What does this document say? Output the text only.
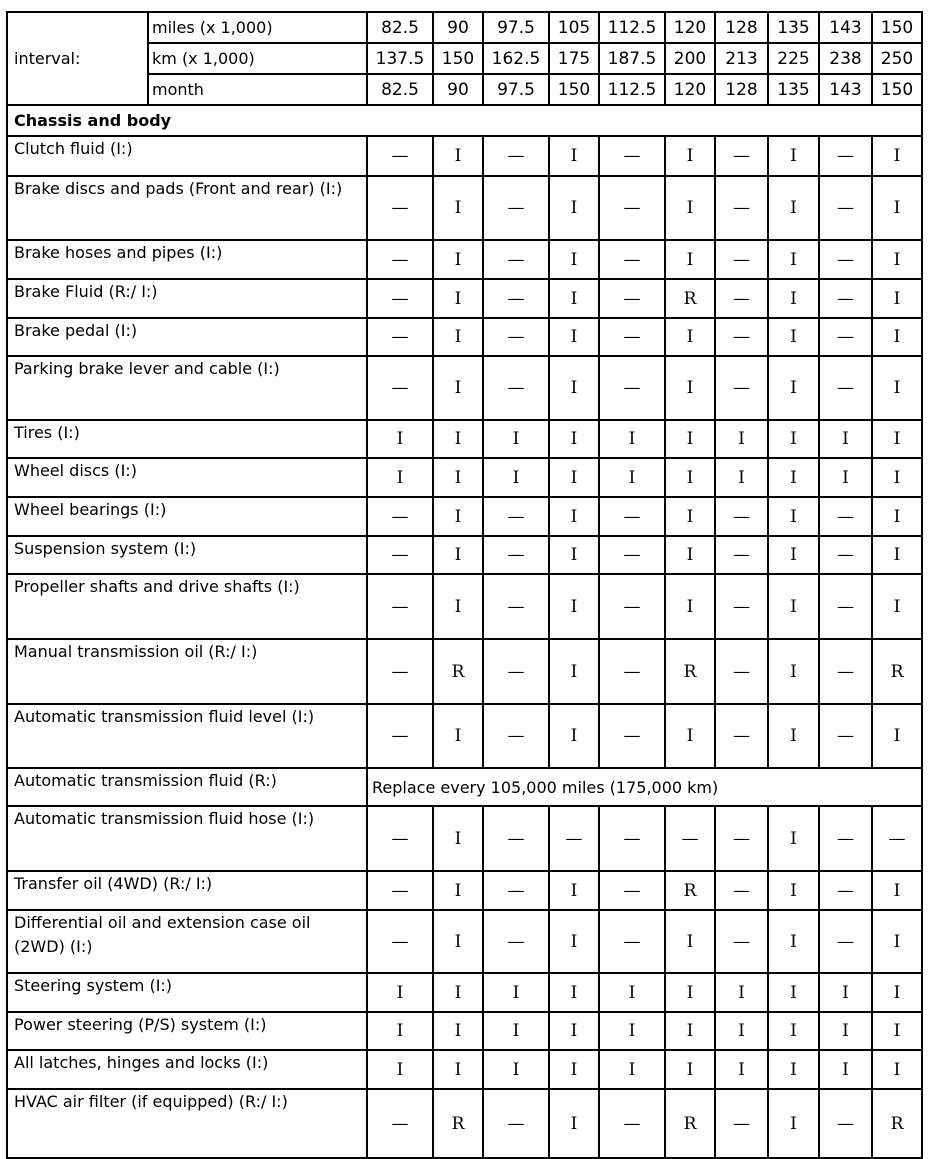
interval:	miles (x 1,000)	82.5	90	97.5	105	112.5	120	128	135	143	150
	km (x 1,000)	137.5	150	162.5	175	187.5	200	213	225	238	250
	month	82.5	90	97.5	150	112.5	120	128	135	143	150
Chassis and body											
Clutch fluid (I:)		—	I	—	I	—	I	—	I	—	I
Brake discs and pads (Front and rear) (I:)		—	I	—	I	—	I	—	I	—	I
Brake hoses and pipes (I:)		—	I	—	I	—	I	—	I	—	I
Brake Fluid (R:/ I:)		—	I	—	I	—	R	—	I	—	I
Brake pedal (I:)		—	I	—	I	—	I	—	I	—	I
Parking brake lever and cable (I:)		—	I	—	I	—	I	—	I	—	I
Tires (I:)		I	I	I	I	I	I	I	I	I	I
Wheel discs (I:)		I	I	I	I	I	I	I	I	I	I
Wheel bearings (I:)		—	I	—	I	—	I	—	I	—	I
Suspension system (I:)		—	I	—	I	—	I	—	I	—	I
Propeller shafts and drive shafts (I:)		—	I	—	I	—	I	—	I	—	I
Manual transmission oil (R:/ I:)		—	R	—	I	—	R	—	I	—	R
Automatic transmission fluid level (I:)		—	I	—	I	—	I	—	I	—	I
Automatic transmission fluid (R:)		Replace every 105,000 miles (175,000 km)									
Automatic transmission fluid hose (I:)		—	I	—	—	—	—	—	I	—	—
Transfer oil (4WD) (R:/ I:)		—	I	—	I	—	R	—	I	—	I
Differential oil and extension case oil (2WD) (I:)		—	I	—	I	—	I	—	I	—	I
Steering system (I:)		I	I	I	I	I	I	I	I	I	I
Power steering (P/S) system (I:)		I	I	I	I	I	I	I	I	I	I
All latches, hinges and locks (I:)		I	I	I	I	I	I	I	I	I	I
HVAC air filter (if equipped) (R:/ I:)		—	R	—	I	—	R	—	I	—	R
